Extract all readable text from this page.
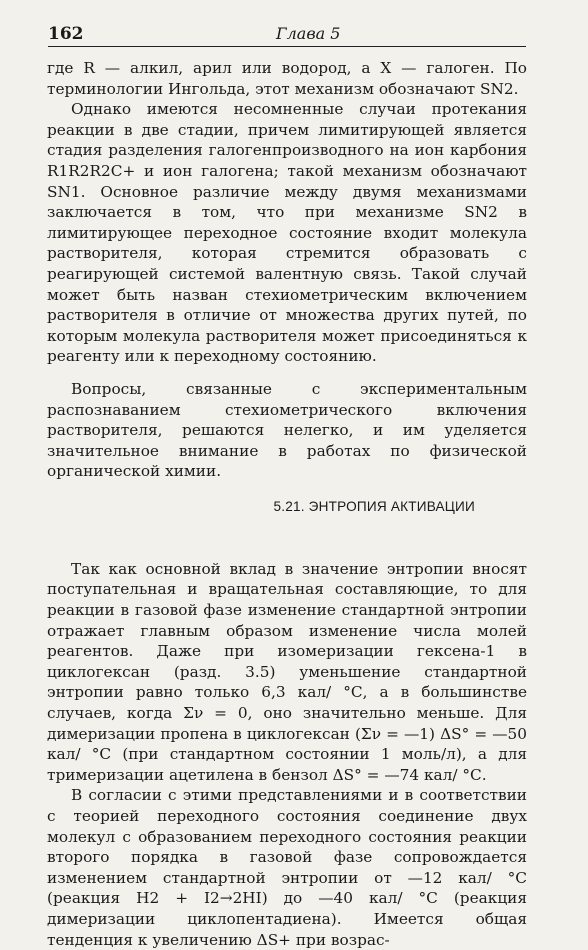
162	Глава 5

где R — алкил, арил или водород, а X — галоген. По терминологии Ингольда, этот механизм обозначают SN2.

Однако имеются несомненные случаи протекания реакции в две стадии, причем лимитирующей является стадия разделения галогенпроизводного на ион карбония R1R2R2C+ и ион галогена; такой механизм обозначают SN1. Основное различие между двумя механизмами заключается в том, что при механизме SN2 в лимитирующее переходное состояние входит молекула растворителя, которая стремится образовать с реагирующей системой валентную связь. Такой случай может быть назван стехиометрическим включением растворителя в отличие от множества других путей, по которым молекула растворителя может присоединяться к реагенту или к переходному состоянию.

Вопросы, связанные с экспериментальным распознаванием стехиометрического включения растворителя, решаются нелегко, и им уделяется значительное внимание в работах по физической органической химии.

5.21. ЭНТРОПИЯ АКТИВАЦИИ

Так как основной вклад в значение энтропии вносят поступательная и вращательная составляющие, то для реакции в газовой фазе изменение стандартной энтропии отражает главным образом изменение числа молей реагентов. Даже при изомеризации гексена-1 в циклогексан (разд. 3.5) уменьшение стандартной энтропии равно только 6,3 кал/ °С, а в большинстве случаев, когда Σν = 0, оно значительно меньше. Для димеризации пропена в циклогексан (Σν = —1) ΔS° = —50 кал/ °С (при стандартном состоянии 1 моль/л), а для тримеризации ацетилена в бензол ΔS° = —74 кал/ °С.

В согласии с этими представлениями и в соответствии с теорией переходного состояния соединение двух молекул с образованием переходного состояния реакции второго порядка в газовой фазе сопровождается изменением стандартной энтропии от —12 кал/ °С (реакция H2 + I2→2HI) до —40 кал/ °С (реакция димеризации циклопентадиена). Имеется общая тенденция к увеличению ΔS+ при возрас-
